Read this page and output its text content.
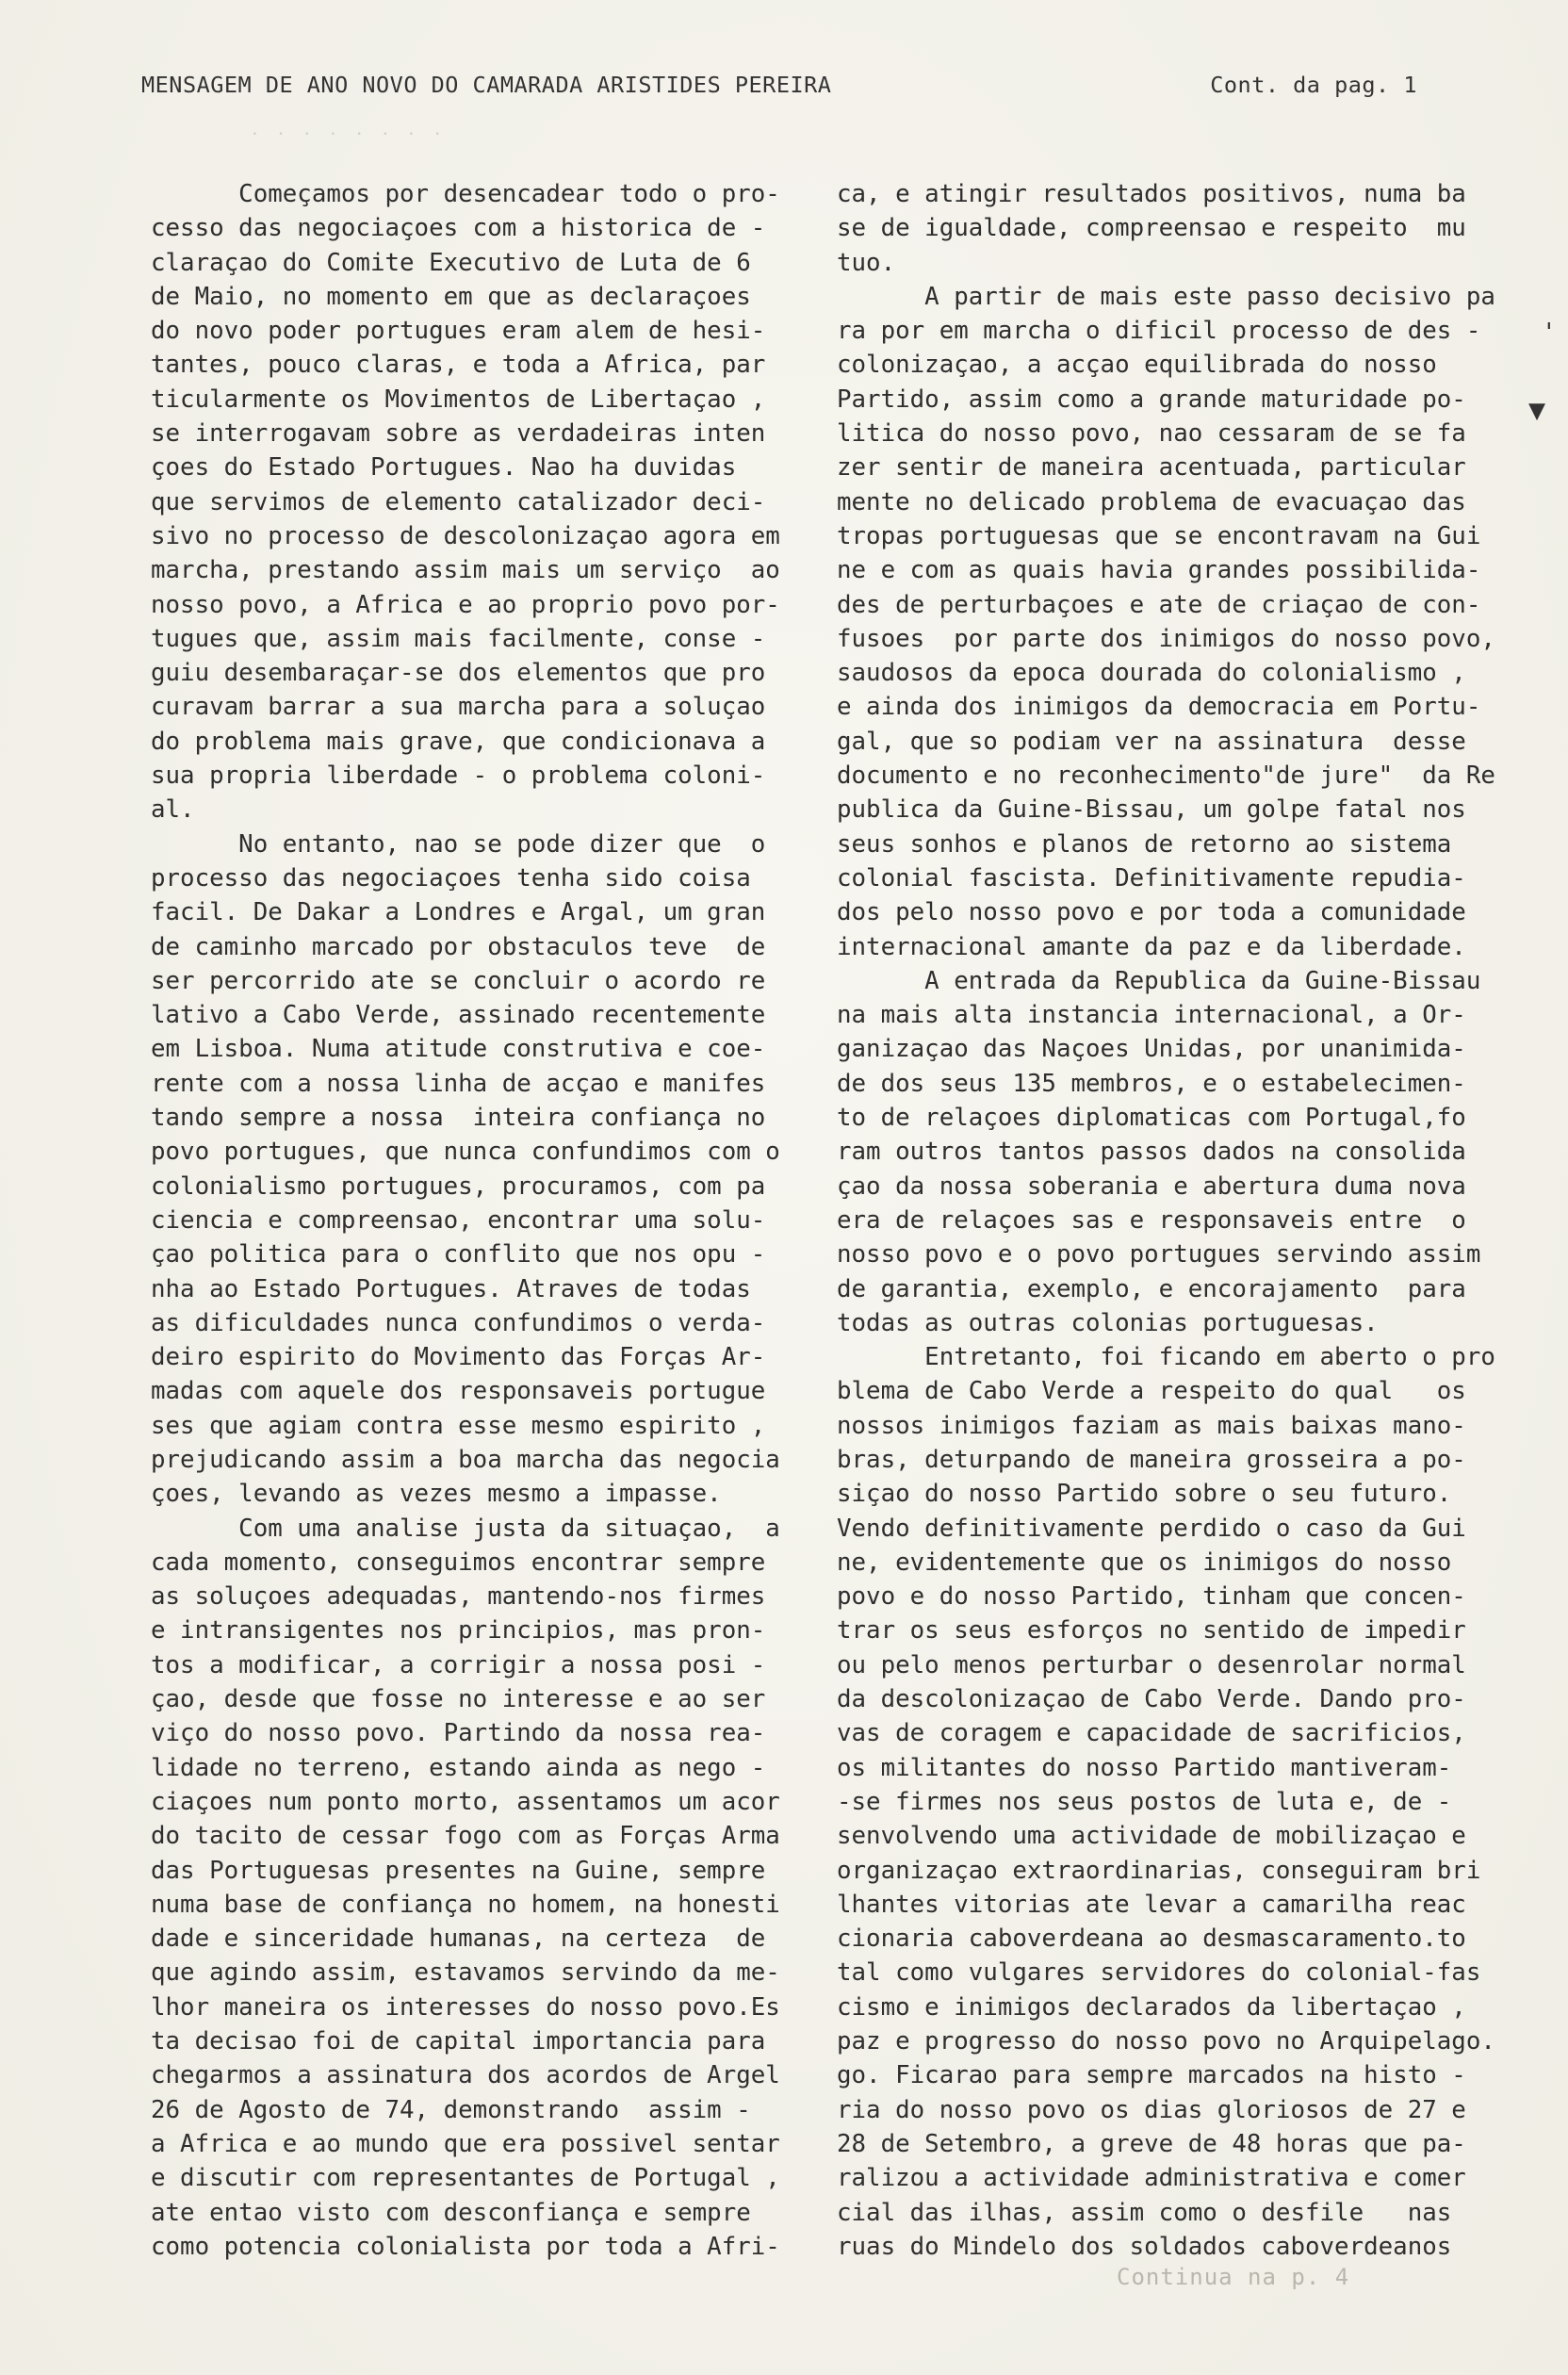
MENSAGEM DE ANO NOVO DO CAMARADA ARISTIDES PEREIRA	Cont. da pag. 1
· · · · · · · ·
Começamos por desencadear todo o pro-
cesso das negociaçoes com a historica de -
claraçao do Comite Executivo de Luta de 6
de Maio, no momento em que as declaraçoes
do novo poder portugues eram alem de hesi-
tantes, pouco claras, e toda a Africa, par
ticularmente os Movimentos de Libertaçao ,
se interrogavam sobre as verdadeiras inten
çoes do Estado Portugues. Nao ha duvidas
que servimos de elemento catalizador deci-
sivo no processo de descolonizaçao agora em
marcha, prestando assim mais um serviço  ao
nosso povo, a Africa e ao proprio povo por-
tugues que, assim mais facilmente, conse -
guiu desembaraçar-se dos elementos que pro
curavam barrar a sua marcha para a soluçao
do problema mais grave, que condicionava a
sua propria liberdade - o problema coloni-
al.
No entanto, nao se pode dizer que  o
processo das negociaçoes tenha sido coisa
facil. De Dakar a Londres e Argal, um gran
de caminho marcado por obstaculos teve  de
ser percorrido ate se concluir o acordo re
lativo a Cabo Verde, assinado recentemente
em Lisboa. Numa atitude construtiva e coe-
rente com a nossa linha de acçao e manifes
tando sempre a nossa  inteira confiança no
povo portugues, que nunca confundimos com o
colonialismo portugues, procuramos, com pa
ciencia e compreensao, encontrar uma solu-
çao politica para o conflito que nos opu -
nha ao Estado Portugues. Atraves de todas
as dificuldades nunca confundimos o verda-
deiro espirito do Movimento das Forças Ar-
madas com aquele dos responsaveis portugue
ses que agiam contra esse mesmo espirito ,
prejudicando assim a boa marcha das negocia
çoes, levando as vezes mesmo a impasse.
Com uma analise justa da situaçao,  a
cada momento, conseguimos encontrar sempre
as soluçoes adequadas, mantendo-nos firmes
e intransigentes nos principios, mas pron-
tos a modificar, a corrigir a nossa posi -
çao, desde que fosse no interesse e ao ser
viço do nosso povo. Partindo da nossa rea-
lidade no terreno, estando ainda as nego -
ciaçoes num ponto morto, assentamos um acor
do tacito de cessar fogo com as Forças Arma
das Portuguesas presentes na Guine, sempre
numa base de confiança no homem, na honesti
dade e sinceridade humanas, na certeza  de
que agindo assim, estavamos servindo da me-
lhor maneira os interesses do nosso povo.Es
ta decisao foi de capital importancia para
chegarmos a assinatura dos acordos de Argel
26 de Agosto de 74, demonstrando  assim -
a Africa e ao mundo que era possivel sentar
e discutir com representantes de Portugal ,
ate entao visto com desconfiança e sempre
como potencia colonialista por toda a Afri-
ca, e atingir resultados positivos, numa ba
se de igualdade, compreensao e respeito  mu
tuo.
A partir de mais este passo decisivo pa
ra por em marcha o dificil processo de des -
colonizaçao, a acçao equilibrada do nosso
Partido, assim como a grande maturidade po-
litica do nosso povo, nao cessaram de se fa
zer sentir de maneira acentuada, particular
mente no delicado problema de evacuaçao das
tropas portuguesas que se encontravam na Gui
ne e com as quais havia grandes possibilida-
des de perturbaçoes e ate de criaçao de con-
fusoes  por parte dos inimigos do nosso povo,
saudosos da epoca dourada do colonialismo ,
e ainda dos inimigos da democracia em Portu-
gal, que so podiam ver na assinatura  desse
documento e no reconhecimento"de jure"  da Re
publica da Guine-Bissau, um golpe fatal nos
seus sonhos e planos de retorno ao sistema
colonial fascista. Definitivamente repudia-
dos pelo nosso povo e por toda a comunidade
internacional amante da paz e da liberdade.
A entrada da Republica da Guine-Bissau
na mais alta instancia internacional, a Or-
ganizaçao das Naçoes Unidas, por unanimida-
de dos seus 135 membros, e o estabelecimen-
to de relaçoes diplomaticas com Portugal,fo
ram outros tantos passos dados na consolida
çao da nossa soberania e abertura duma nova
era de relaçoes sas e responsaveis entre  o
nosso povo e o povo portugues servindo assim
de garantia, exemplo, e encorajamento  para
todas as outras colonias portuguesas.
Entretanto, foi ficando em aberto o pro
blema de Cabo Verde a respeito do qual   os
nossos inimigos faziam as mais baixas mano-
bras, deturpando de maneira grosseira a po-
siçao do nosso Partido sobre o seu futuro.
Vendo definitivamente perdido o caso da Gui
ne, evidentemente que os inimigos do nosso
povo e do nosso Partido, tinham que concen-
trar os seus esforços no sentido de impedir
ou pelo menos perturbar o desenrolar normal
da descolonizaçao de Cabo Verde. Dando pro-
vas de coragem e capacidade de sacrificios,
os militantes do nosso Partido mantiveram-
-se firmes nos seus postos de luta e, de -
senvolvendo uma actividade de mobilizaçao e
organizaçao extraordinarias, conseguiram bri
lhantes vitorias ate levar a camarilha reac
cionaria caboverdeana ao desmascaramento.to
tal como vulgares servidores do colonial-fas
cismo e inimigos declarados da libertaçao ,
paz e progresso do nosso povo no Arquipelago.
go. Ficarao para sempre marcados na histo -
ria do nosso povo os dias gloriosos de 27 e
28 de Setembro, a greve de 48 horas que pa-
ralizou a actividade administrativa e comer
cial das ilhas, assim como o desfile   nas
ruas do Mindelo dos soldados caboverdeanos
'
▼
Continua na p. 4
